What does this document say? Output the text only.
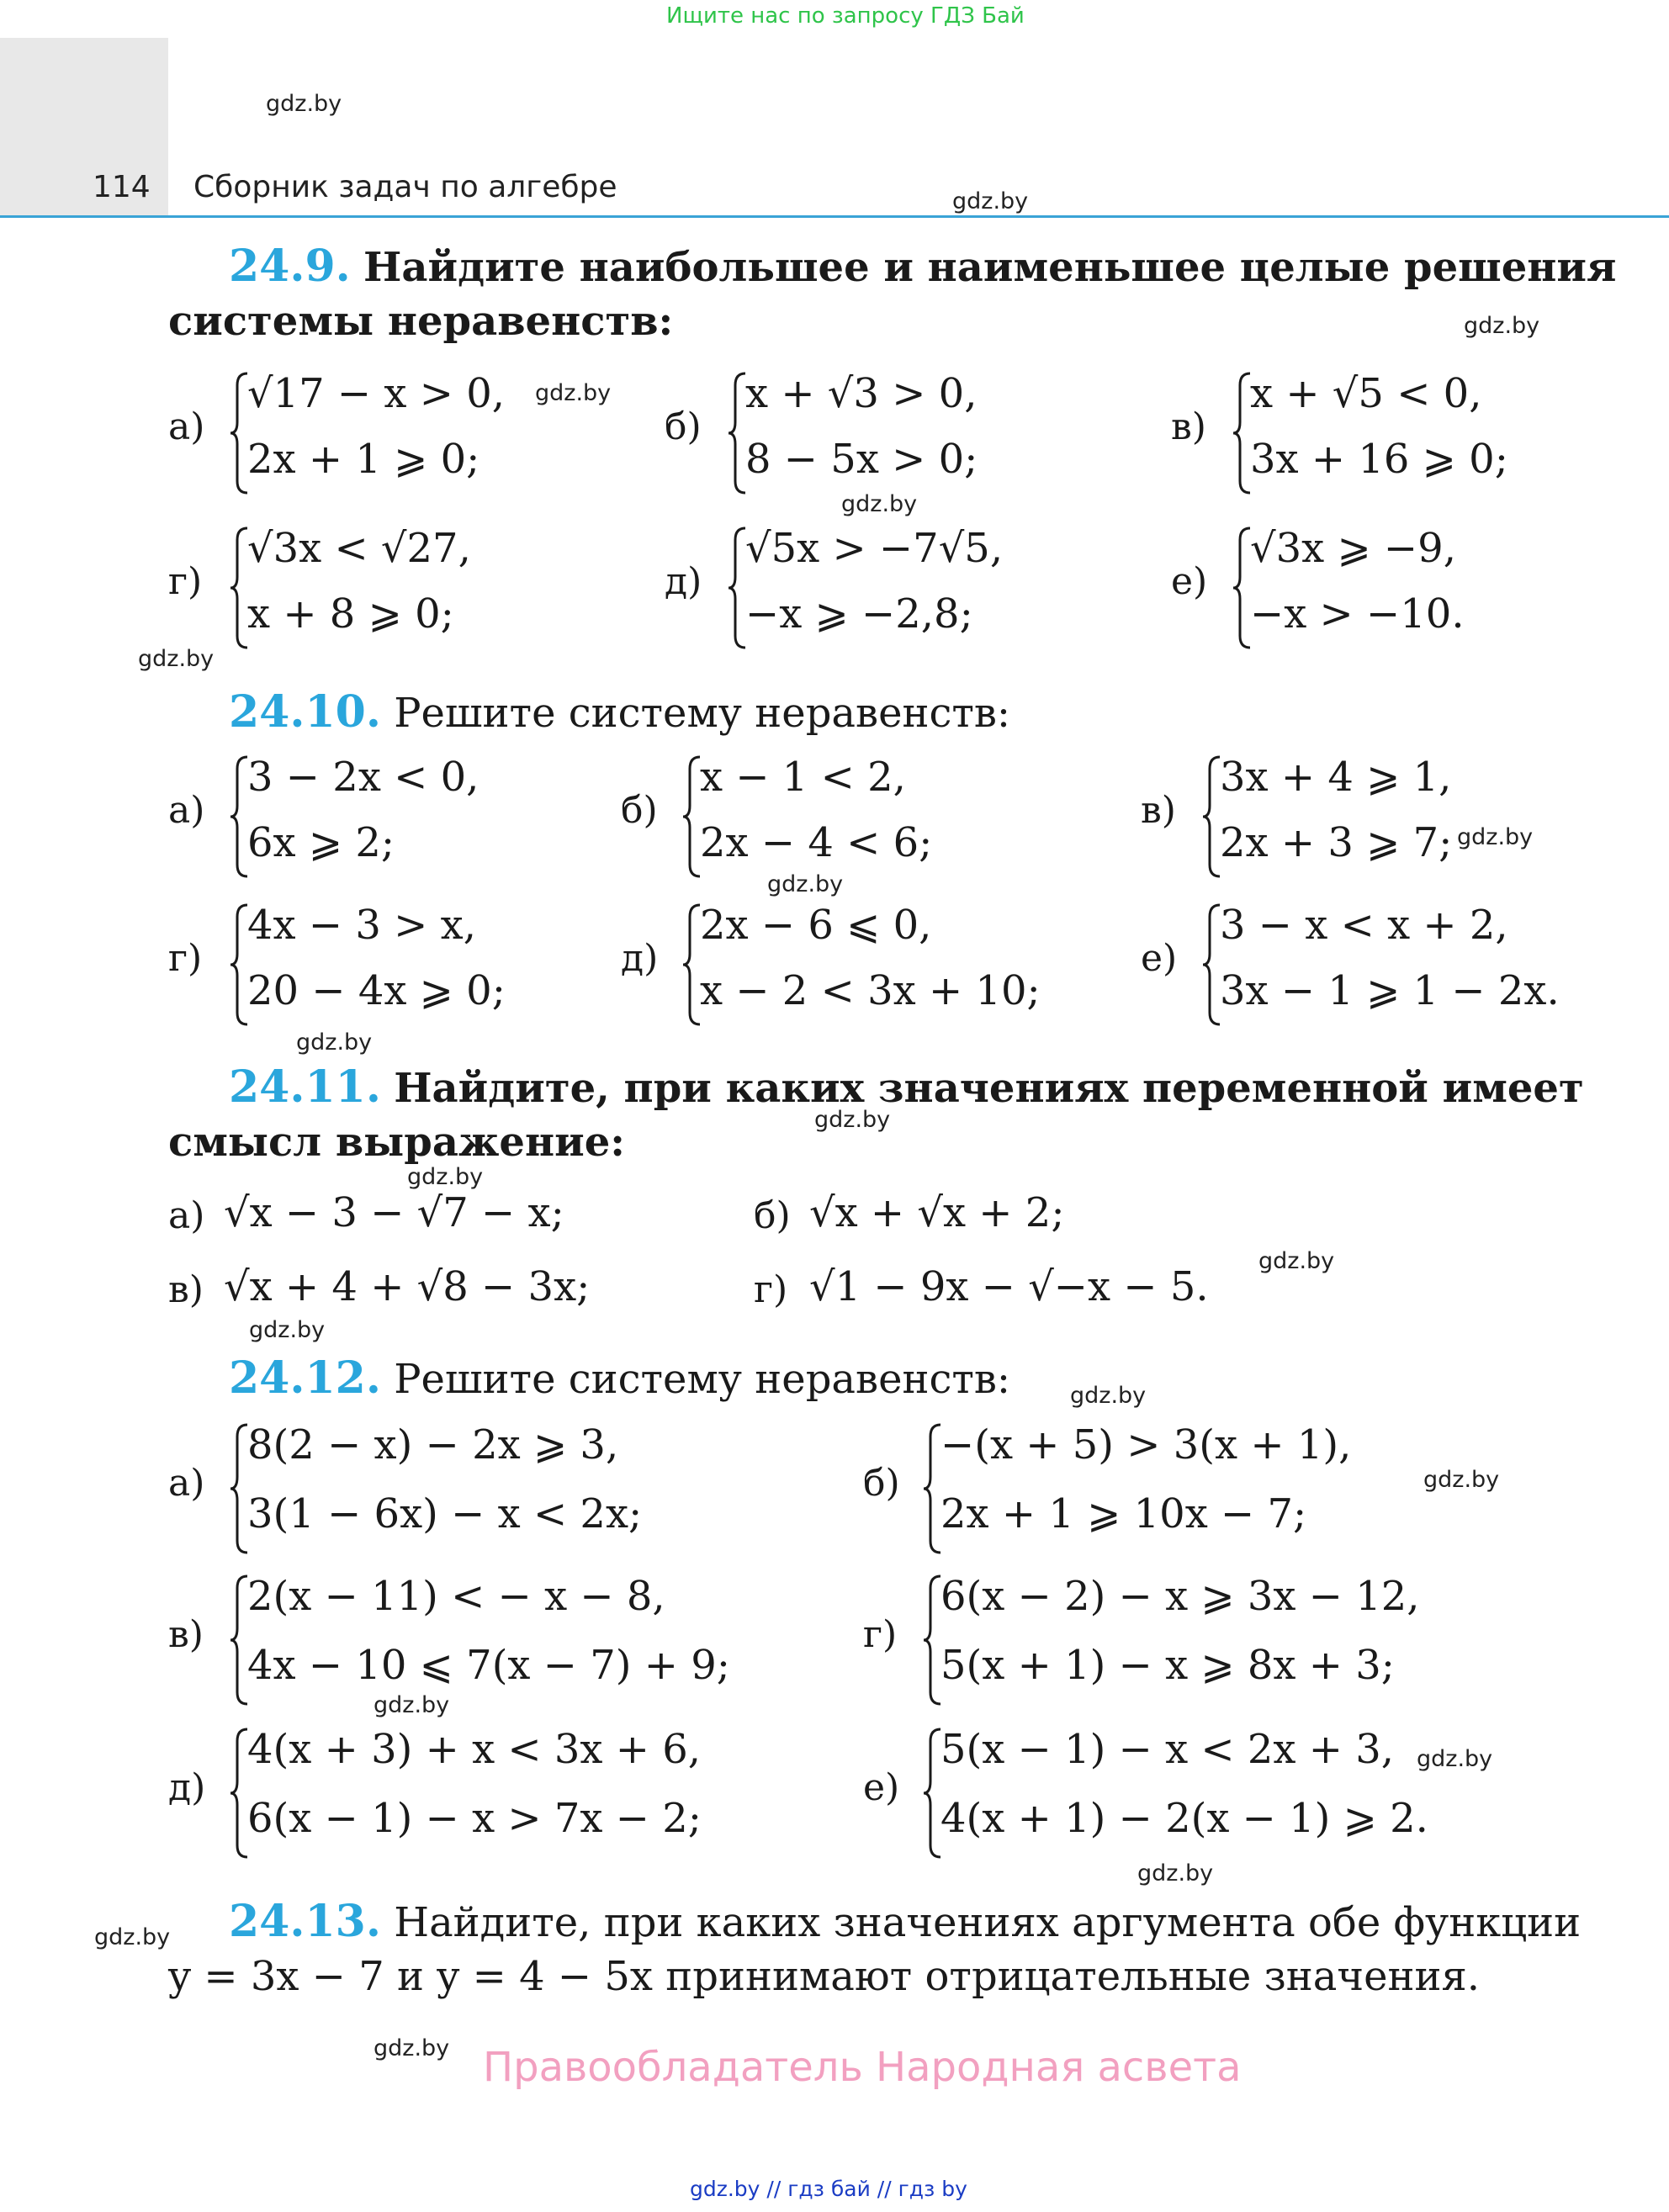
Ищите нас по запросу ГДЗ Бай
114 Сборник задач по алгебре
gdz.by
gdz.by
gdz.by
gdz.by
gdz.by
gdz.by
gdz.by
gdz.by
gdz.by
gdz.by
gdz.by
gdz.by
gdz.by
gdz.by
gdz.by
gdz.by
gdz.by
gdz.by
gdz.by
gdz.by
24.9. Найдите наибольшее и наименьшее целые решения
системы неравенств:
а)
√17 − x > 0,
2x + 1 ⩾ 0;
б)
x + √3 > 0,
8 − 5x > 0;
в)
x + √5 < 0,
3x + 16 ⩾ 0;
г)
√3x < √27,
x + 8 ⩾ 0;
д)
√5x > −7√5,
−x ⩾ −2,8;
е)
√3x ⩾ −9,
−x > −10.
24.10. Решите систему неравенств:
а)
3 − 2x < 0,
6x ⩾ 2;
б)
x − 1 < 2,
2x − 4 < 6;
в)
3x + 4 ⩾ 1,
2x + 3 ⩾ 7;
г)
4x − 3 > x,
20 − 4x ⩾ 0;
д)
2x − 6 ⩽ 0,
x − 2 < 3x + 10;
е)
3 − x < x + 2,
3x − 1 ⩾ 1 − 2x.
24.11. Найдите, при каких значениях переменной имеет
смысл выражение:
а) √x − 3 − √7 − x;	б) √x + √x + 2;
в) √x + 4 + √8 − 3x;	г) √1 − 9x − √−x − 5.
24.12. Решите систему неравенств:
а)
8(2 − x) − 2x ⩾ 3,
3(1 − 6x) − x < 2x;
б)
−(x + 5) > 3(x + 1),
2x + 1 ⩾ 10x − 7;
в)
2(x − 11) < − x − 8,
4x − 10 ⩽ 7(x − 7) + 9;
г)
6(x − 2) − x ⩾ 3x − 12,
5(x + 1) − x ⩾ 8x + 3;
д)
4(x + 3) + x < 3x + 6,
6(x − 1) − x > 7x − 2;
е)
5(x − 1) − x < 2x + 3,
4(x + 1) − 2(x − 1) ⩾ 2.
24.13. Найдите, при каких значениях аргумента обе функции
y = 3x − 7 и y = 4 − 5x принимают отрицательные значения.
Правообладатель Народная асвета
gdz.by // гдз бай // гдз by
